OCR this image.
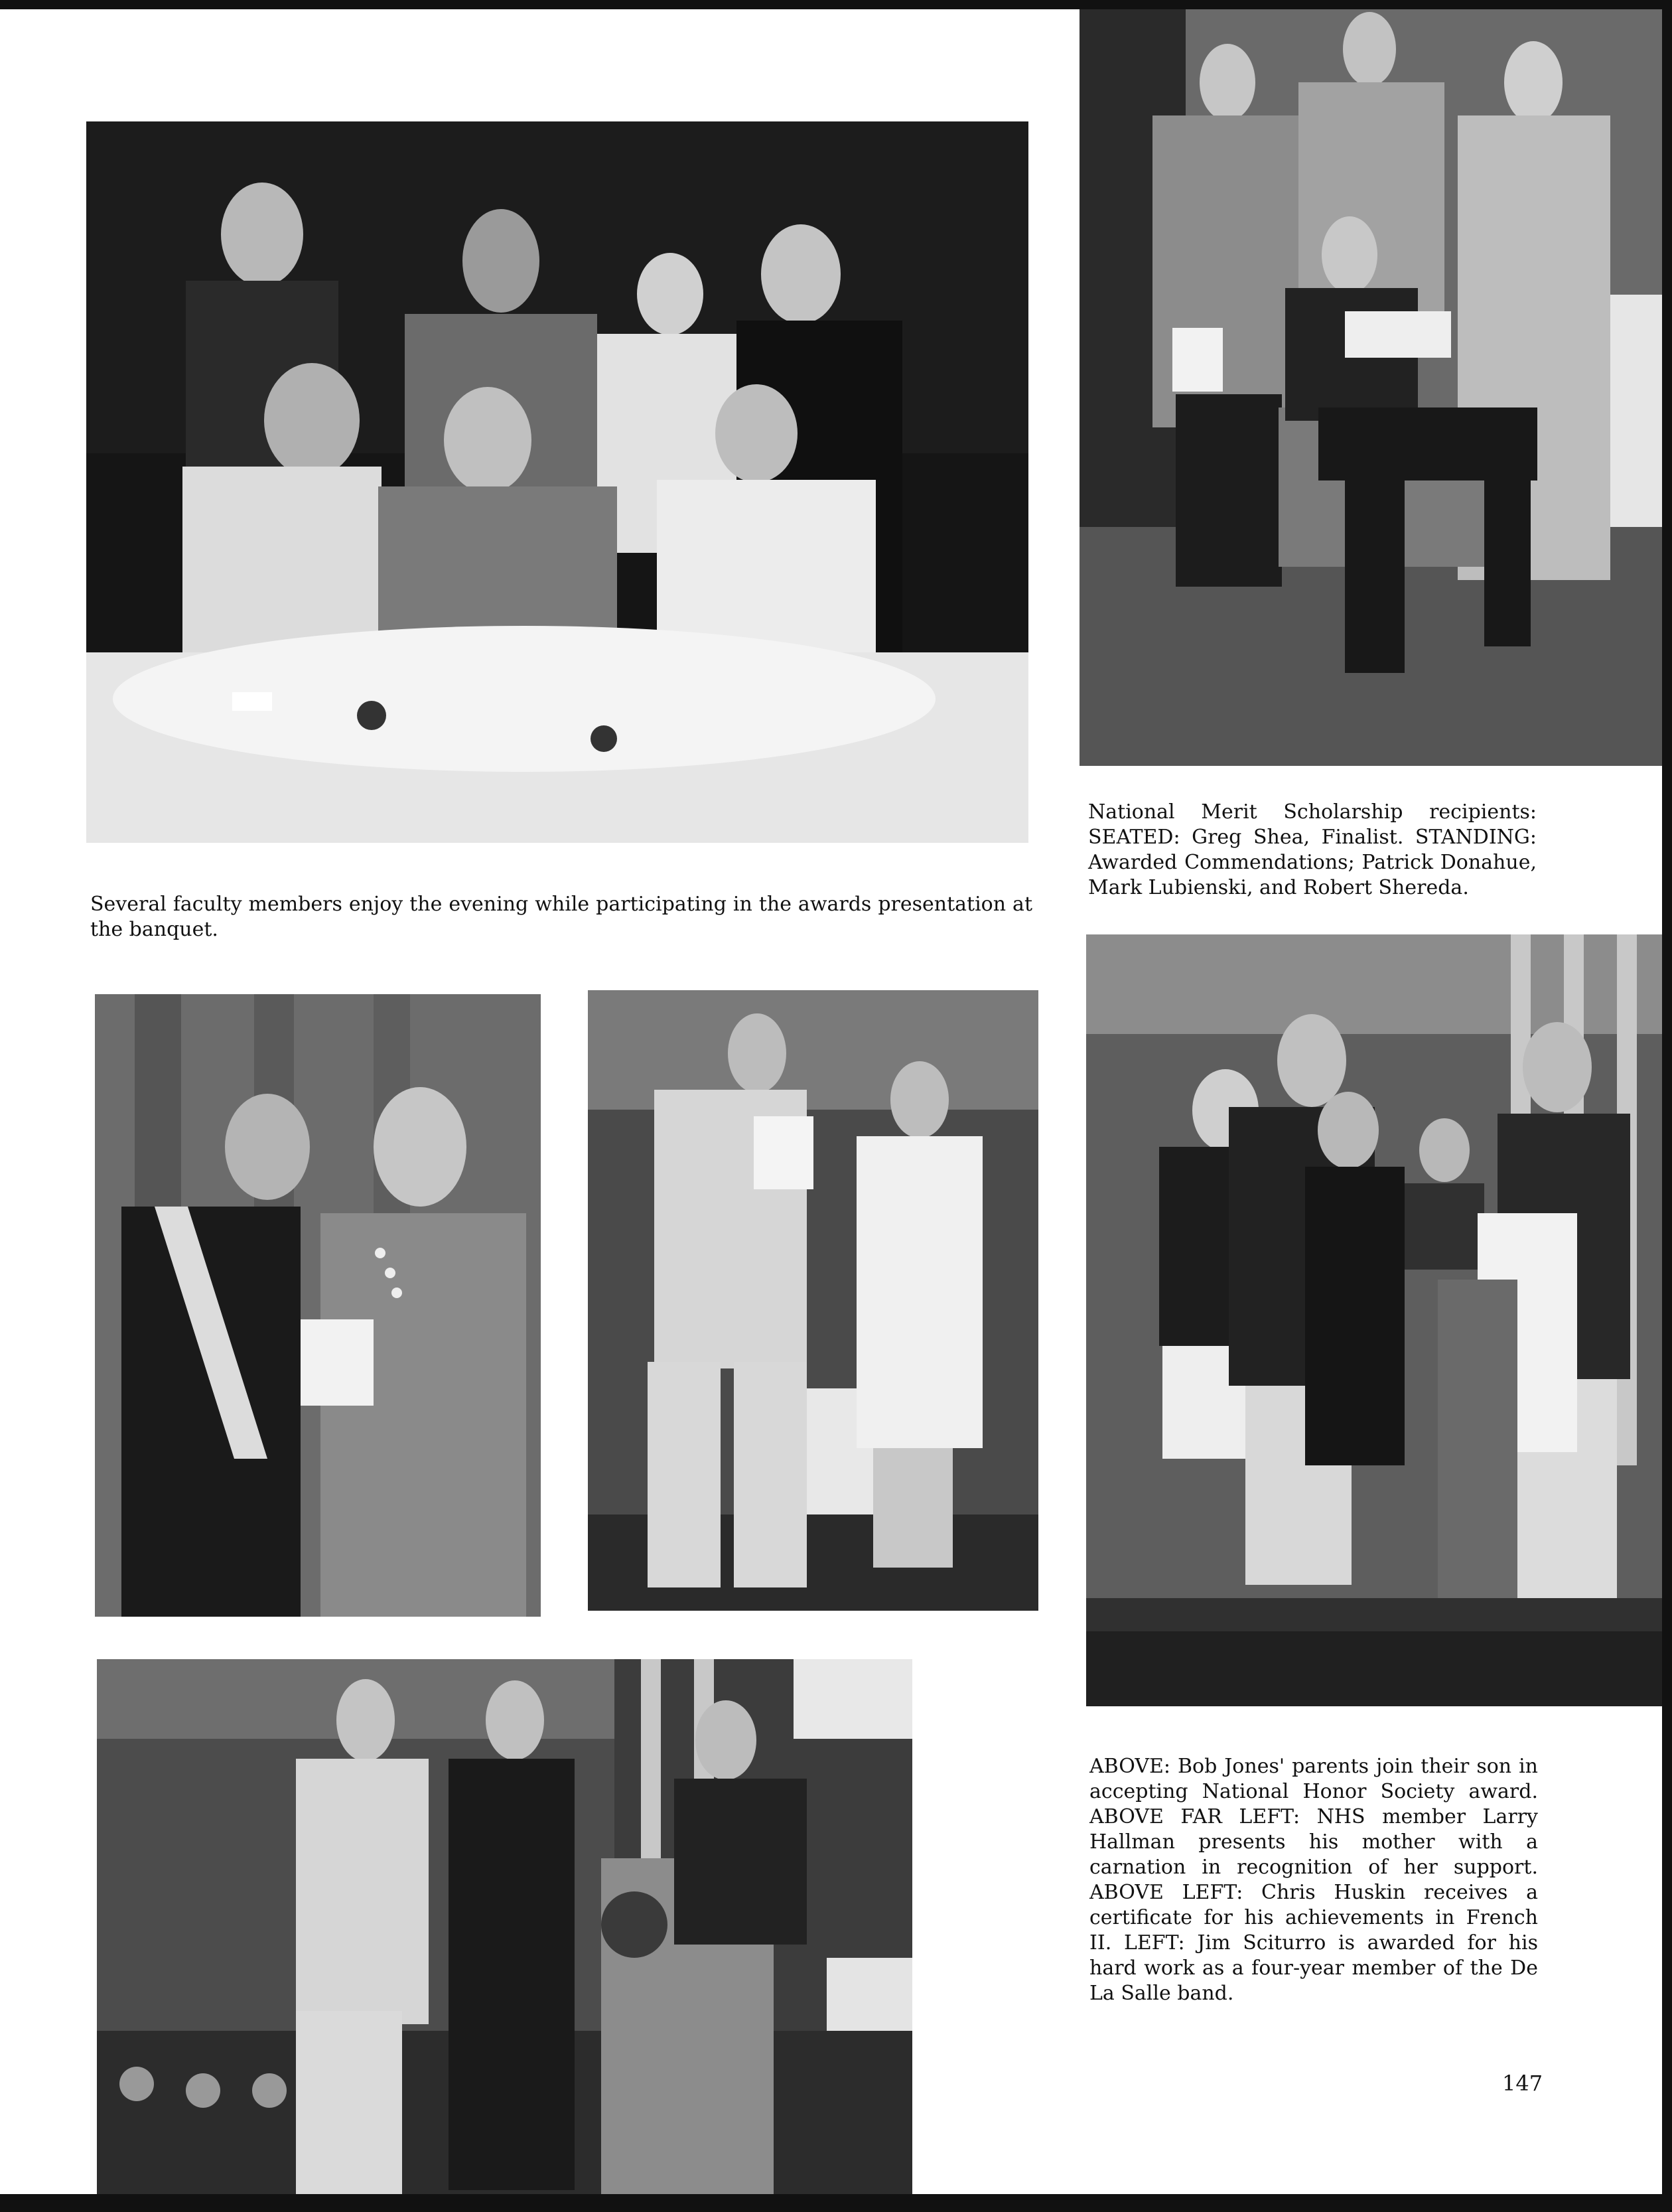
Several faculty members enjoy the evening while participating in the awards presentation at the banquet.

National Merit Scholarship recipients: SEATED: Greg Shea, Finalist. STANDING: Awarded Commendations; Patrick Donahue, Mark Lubienski, and Robert Shereda.

ABOVE: Bob Jones' parents join their son in accepting National Honor Society award. ABOVE FAR LEFT: NHS member Larry Hallman presents his mother with a carnation in recognition of her support. ABOVE LEFT: Chris Huskin receives a certificate for his achievements in French II. LEFT: Jim Sciturro is awarded for his hard work as a four-year member of the De La Salle band.

147
